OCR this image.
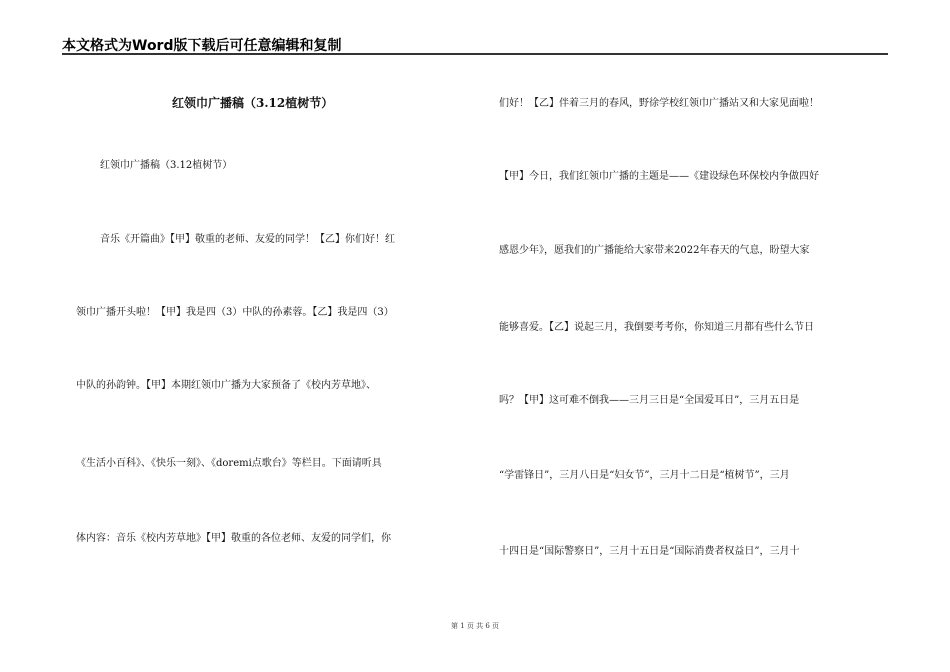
本文格式为Word版下载后可任意编辑和复制
红领巾广播稿（3.12植树节）
红领巾广播稿（3.12植树节）
音乐《开篇曲》【甲】敬重的老师、友爱的同学！【乙】你们好！红
领巾广播开头啦！【甲】我是四（3）中队的孙素蓉。【乙】我是四（3）
中队的孙韵钟。【甲】本期红领巾广播为大家预备了《校内芳草地》、
《生活小百科》、《快乐一刻》、《doremi点歌台》等栏目。下面请听具
体内容：音乐《校内芳草地》【甲】敬重的各位老师、友爱的同学们，你
们好！【乙】伴着三月的春风，野徐学校红领巾广播站又和大家见面啦！
【甲】今日，我们红领巾广播的主题是——《建设绿色环保校内争做四好
感恩少年》，愿我们的广播能给大家带来2022年春天的气息，盼望大家
能够喜爱。【乙】说起三月，我倒要考考你，你知道三月都有些什么节日
吗？【甲】这可难不倒我——三月三日是“全国爱耳日”，三月五日是
“学雷锋日”，三月八日是“妇女节”，三月十二日是“植树节”，三月
十四日是“国际警察日”，三月十五日是“国际消费者权益日”，三月十
第 1 页 共 6 页
